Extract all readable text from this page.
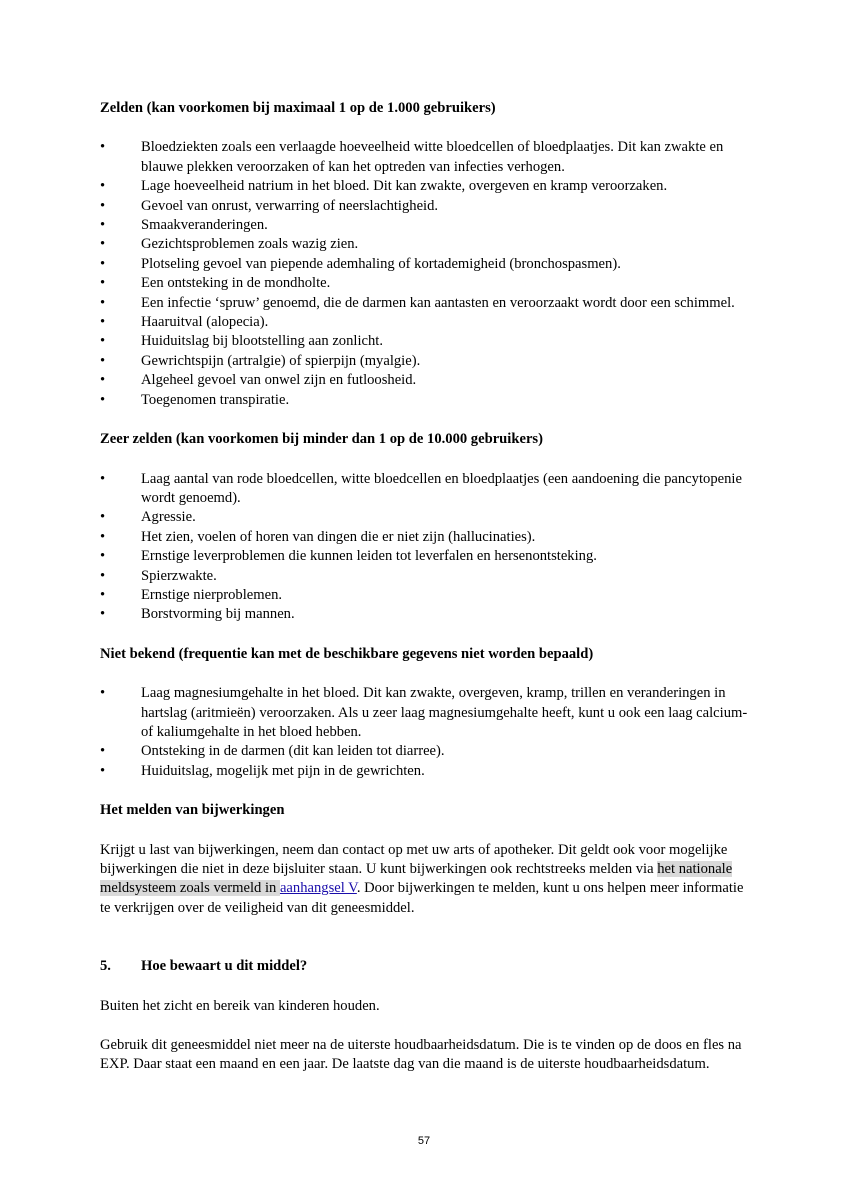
Zelden (kan voorkomen bij maximaal 1 op de 1.000 gebruikers)
• Bloedziekten zoals een verlaagde hoeveelheid witte bloedcellen of bloedplaatjes. Dit kan zwakte en blauwe plekken veroorzaken of kan het optreden van infecties verhogen.
• Lage hoeveelheid natrium in het bloed. Dit kan zwakte, overgeven en kramp veroorzaken.
• Gevoel van onrust, verwarring of neerslachtigheid.
• Smaakveranderingen.
• Gezichtsproblemen zoals wazig zien.
• Plotseling gevoel van piepende ademhaling of kortademigheid (bronchospasmen).
• Een ontsteking in de mondholte.
• Een infectie ‘spruw’ genoemd, die de darmen kan aantasten en veroorzaakt wordt door een schimmel.
• Haaruitval (alopecia).
• Huiduitslag bij blootstelling aan zonlicht.
• Gewrichtspijn (artralgie) of spierpijn (myalgie).
• Algeheel gevoel van onwel zijn en futloosheid.
• Toegenomen transpiratie.
Zeer zelden (kan voorkomen bij minder dan 1 op de 10.000 gebruikers)
• Laag aantal van rode bloedcellen, witte bloedcellen en bloedplaatjes (een aandoening die pancytopenie wordt genoemd).
• Agressie.
• Het zien, voelen of horen van dingen die er niet zijn (hallucinaties).
• Ernstige leverproblemen die kunnen leiden tot leverfalen en hersenontsteking.
• Spierzwakte.
• Ernstige nierproblemen.
• Borstvorming bij mannen.
Niet bekend (frequentie kan met de beschikbare gegevens niet worden bepaald)
• Laag magnesiumgehalte in het bloed. Dit kan zwakte, overgeven, kramp, trillen en veranderingen in hartslag (aritmieën) veroorzaken. Als u zeer laag magnesiumgehalte heeft, kunt u ook een laag calcium- of kaliumgehalte in het bloed hebben.
• Ontsteking in de darmen (dit kan leiden tot diarree).
• Huiduitslag, mogelijk met pijn in de gewrichten.
Het melden van bijwerkingen

Krijgt u last van bijwerkingen, neem dan contact op met uw arts of apotheker. Dit geldt ook voor mogelijke bijwerkingen die niet in deze bijsluiter staan. U kunt bijwerkingen ook rechtstreeks melden via het nationale meldsysteem zoals vermeld in aanhangsel V. Door bijwerkingen te melden, kunt u ons helpen meer informatie te verkrijgen over de veiligheid van dit geneesmiddel.

5.	Hoe bewaart u dit middel?

Buiten het zicht en bereik van kinderen houden.

Gebruik dit geneesmiddel niet meer na de uiterste houdbaarheidsdatum. Die is te vinden op de doos en fles na EXP. Daar staat een maand en een jaar. De laatste dag van die maand is de uiterste houdbaarheidsdatum.

57
